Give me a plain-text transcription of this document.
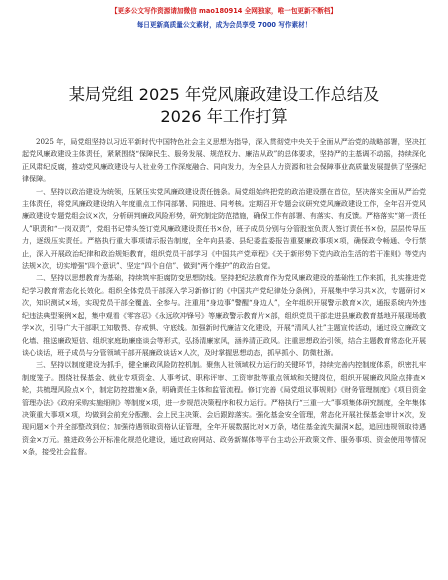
【更多公文写作资源请加微信 mao180914 全网独家，唯一包更新不断档】
每日更新高质量公文素材，成为会员享受 7000 写作素材！
某局党组 2025 年党风廉政建设工作总结及
2026 年工作打算

2025 年，局党组坚持以习近平新时代中国特色社会主义思想为指导，深入贯彻党中央关于全面从严治党的战略部署，坚决扛起党风廉政建设主体责任，紧紧围绕“保障民生、服务发展、规范权力、廉洁从政”的总体要求，坚持严的主基调不动摇，持续深化正风肃纪反腐，推动党风廉政建设与人社业务工作深度融合、同向发力，为全县人力资源和社会保障事业高质量发展提供了坚强纪律保障。

一、坚持以政治建设为统领，压紧压实党风廉政建设责任链条。局党组始终把党的政治建设摆在首位，坚决落实全面从严治党主体责任，将党风廉政建设纳入年度重点工作同部署、同推进、同考核。定期召开专题会议研究党风廉政建设工作，全年召开党风廉政建设专题党组会议×次，分析研判廉政风险形势，研究制定防范措施，确保工作有部署、有落实、有反馈。严格落实“第一责任人”职责和“一岗双责”，党组书记带头签订党风廉政建设责任书×份，班子成员分别与分管股室负责人签订责任书×份，层层传导压力，逐级压实责任。严格执行重大事项请示报告制度，全年向县委、县纪委监委报告重要廉政事项×项，确保政令畅通、令行禁止，深入开展政治纪律和政治规矩教育，组织党员干部学习《中国共产党章程》《关于新形势下党内政治生活的若干准则》等党内法规×次，切实增强“四个意识”、坚定“四个自信”、做到“两个维护”的政治自觉。

二、坚持以思想教育为基础，持续筑牢拒腐防变思想防线。坚持把纪法教育作为党风廉政建设的基础性工作来抓，扎实推进党纪学习教育常态化长效化。组织全体党员干部深入学习新修订的《中国共产党纪律处分条例》，开展集中学习共×次，专题研讨×次，知识测试×场，实现党员干部全覆盖、全参与。注重用“身边事”警醒“身边人”，全年组织开展警示教育×次，通报系统内外违纪违法典型案例×起，集中观看《零容忍》《永远吹冲锋号》等廉政警示教育片×部，组织党员干部走进县廉政教育基地开展现场教学×次，引导广大干部职工知敬畏、存戒惧、守底线。加强新时代廉洁文化建设，开展“清风人社”主题宣传活动，通过设立廉政文化墙、推送廉政短信、组织家庭助廉座谈会等形式，弘扬清廉家风，涵养清正政风。注重思想政治引领，结合主题教育常态化开展谈心谈话，班子成员与分管领域干部开展廉政谈话×人次，及时掌握思想动态，抓早抓小、防微杜渐。

三、坚持以制度建设为抓手，健全廉政风险防控机制。聚焦人社领域权力运行的关键环节，持续完善内控制度体系，织密扎牢制度笼子。围绕社保基金、就业专项资金、人事考试、职称评审、工资审批等重点领域和关键岗位，组织开展廉政风险点排查×轮，共梳理风险点×个，制定防控措施×条，明确责任主体和监管流程。修订完善《局党组议事规则》《财务管理制度》《项目资金管理办法》《政府采购实施细则》等制度×项，进一步规范决策程序和权力运行。严格执行“三重一大”事项集体研究制度，全年集体决策重大事项×项，均做到会前充分酝酿、会上民主决策、会后跟踪落实。强化基金安全管理，常态化开展社保基金审计×次，发现问题×个并全部整改到位；加强待遇领取资格认证管理，全年开展数据比对×万条，堵住基金流失漏洞×起，追回违规领取待遇资金×万元。推进政务公开标准化规范化建设，通过政府网站、政务新媒体等平台主动公开政策文件、服务事项、资金使用等情况×条，接受社会监督。
